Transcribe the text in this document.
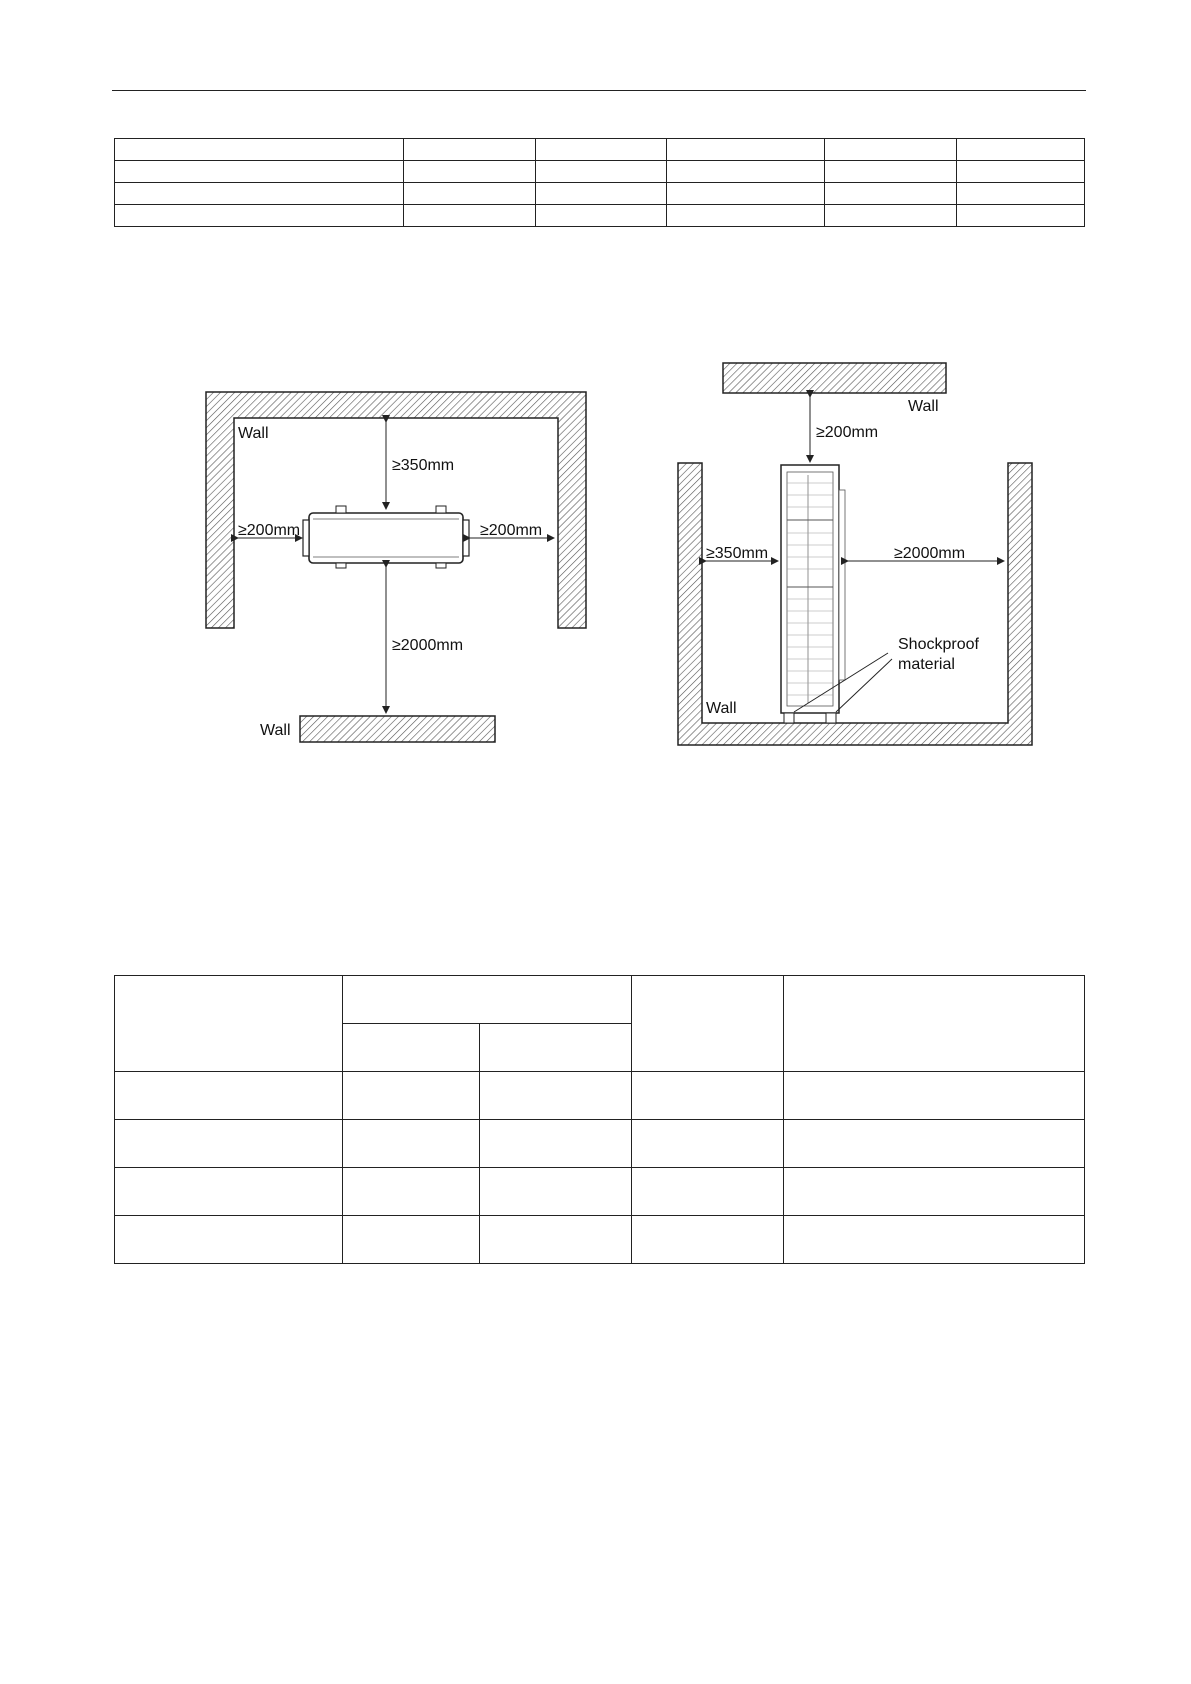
Wall
≥350mm
≥200mm	≥200mm
≥2000mm
Wall
Wall
≥200mm
≥350mm	≥2000mm
Shockproof
material
Wall
